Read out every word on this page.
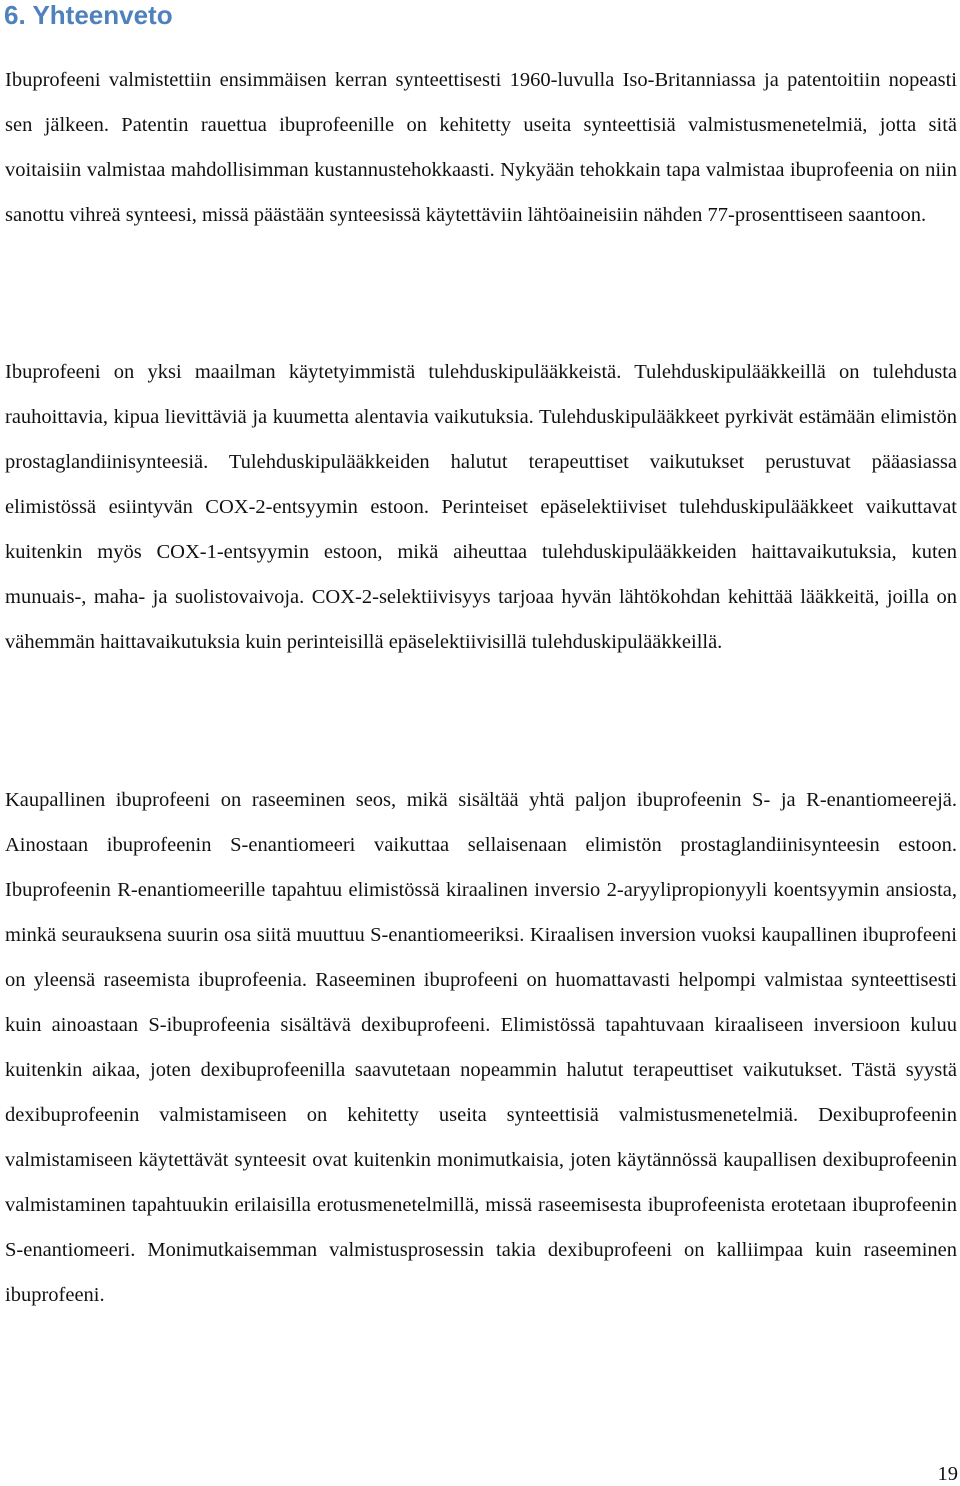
6. Yhteenveto

Ibuprofeeni valmistettiin ensimmäisen kerran synteettisesti 1960-luvulla Iso-Britanniassa ja patentoitiin nopeasti sen jälkeen. Patentin rauettua ibuprofeenille on kehitetty useita synteettisiä valmistusmenetelmiä, jotta sitä voitaisiin valmistaa mahdollisimman kustannustehokkaasti. Nykyään tehokkain tapa valmistaa ibuprofeenia on niin sanottu vihreä synteesi, missä päästään synteesissä käytettäviin lähtöaineisiin nähden 77-prosenttiseen saantoon.

Ibuprofeeni on yksi maailman käytetyimmistä tulehduskipulääkkeistä. Tulehduskipulääkkeillä on tulehdusta rauhoittavia, kipua lievittäviä ja kuumetta alentavia vaikutuksia. Tulehduskipulääkkeet pyrkivät estämään elimistön prostaglandiinisynteesiä. Tulehduskipulääkkeiden halutut terapeuttiset vaikutukset perustuvat pääasiassa elimistössä esiintyvän COX-2-entsyymin estoon. Perinteiset epäselektiiviset tulehduskipulääkkeet vaikuttavat kuitenkin myös COX-1-entsyymin estoon, mikä aiheuttaa tulehduskipulääkkeiden haittavaikutuksia, kuten munuais-, maha- ja suolistovaivoja. COX-2-selektiivisyys tarjoaa hyvän lähtökohdan kehittää lääkkeitä, joilla on vähemmän haittavaikutuksia kuin perinteisillä epäselektiivisillä tulehduskipulääkkeillä.

Kaupallinen ibuprofeeni on raseeminen seos, mikä sisältää yhtä paljon ibuprofeenin S- ja R-enantiomeerejä. Ainostaan ibuprofeenin S-enantiomeeri vaikuttaa sellaisenaan elimistön prostaglandiinisynteesin estoon. Ibuprofeenin R-enantiomeerille tapahtuu elimistössä kiraalinen inversio 2-aryylipropionyyli koentsyymin ansiosta, minkä seurauksena suurin osa siitä muuttuu S-enantiomeeriksi. Kiraalisen inversion vuoksi kaupallinen ibuprofeeni on yleensä raseemista ibuprofeenia. Raseeminen ibuprofeeni on huomattavasti helpompi valmistaa synteettisesti kuin ainoastaan S-ibuprofeenia sisältävä dexibuprofeeni. Elimistössä tapahtuvaan kiraaliseen inversioon kuluu kuitenkin aikaa, joten dexibuprofeenilla saavutetaan nopeammin halutut terapeuttiset vaikutukset. Tästä syystä dexibuprofeenin valmistamiseen on kehitetty useita synteettisiä valmistusmenetelmiä. Dexibuprofeenin valmistamiseen käytettävät synteesit ovat kuitenkin monimutkaisia, joten käytännössä kaupallisen dexibuprofeenin valmistaminen tapahtuukin erilaisilla erotusmenetelmillä, missä raseemisesta ibuprofeenista erotetaan ibuprofeenin S-enantiomeeri. Monimutkaisemman valmistusprosessin takia dexibuprofeeni on kalliimpaa kuin raseeminen ibuprofeeni.

19
